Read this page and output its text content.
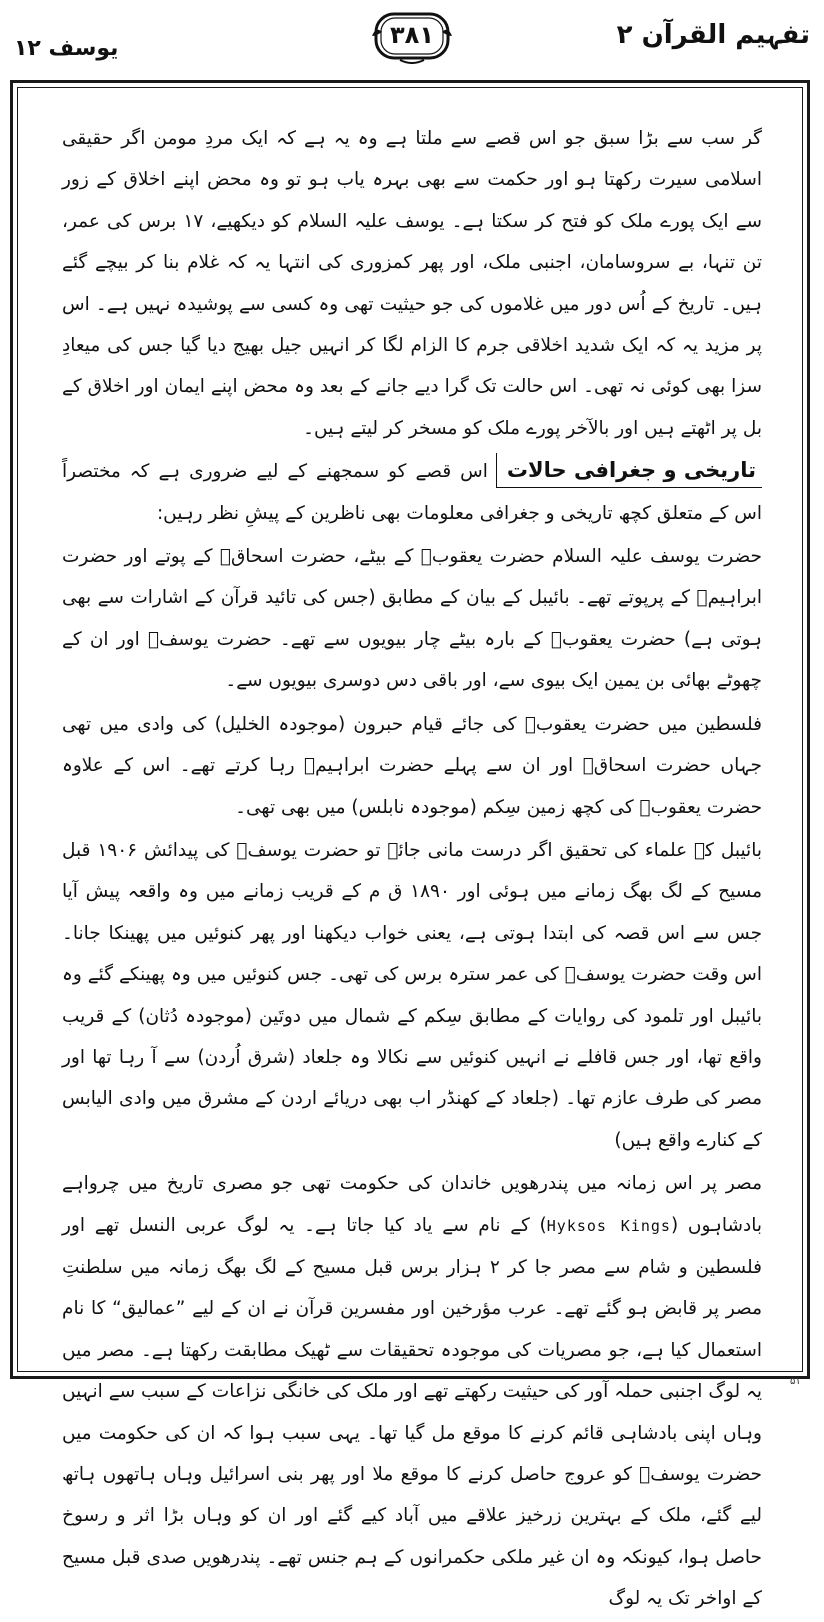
تفہیم القرآن ۲
۳۸۱
یوسف ۱۲

گر سب سے بڑا سبق جو اس قصے سے ملتا ہے وہ یہ ہے کہ ایک مردِ مومن اگر حقیقی اسلامی سیرت رکھتا ہو اور حکمت سے بھی بہرہ یاب ہو تو وہ محض اپنے اخلاق کے زور سے ایک پورے ملک کو فتح کر سکتا ہے۔ یوسف علیہ السلام کو دیکھیے، ۱۷ برس کی عمر، تن تنہا، بے سروسامان، اجنبی ملک، اور پھر کمزوری کی انتہا یہ کہ غلام بنا کر بیچے گئے ہیں۔ تاریخ کے اُس دور میں غلاموں کی جو حیثیت تھی وہ کسی سے پوشیدہ نہیں ہے۔ اس پر مزید یہ کہ ایک شدید اخلاقی جرم کا الزام لگا کر انہیں جیل بھیج دیا گیا جس کی میعادِ سزا بھی کوئی نہ تھی۔ اس حالت تک گرا دیے جانے کے بعد وہ محض اپنے ایمان اور اخلاق کے بل پر اٹھتے ہیں اور بالآخر پورے ملک کو مسخر کر لیتے ہیں۔

تاریخی و جغرافی حالاتاس قصے کو سمجھنے کے لیے ضروری ہے کہ مختصراً اس کے متعلق کچھ تاریخی و جغرافی معلومات بھی ناظرین کے پیشِ نظر رہیں:

حضرت یوسف علیہ السلام حضرت یعقوبؑ کے بیٹے، حضرت اسحاقؑ کے پوتے اور حضرت ابراہیمؑ کے پرپوتے تھے۔ بائیبل کے بیان کے مطابق (جس کی تائید قرآن کے اشارات سے بھی ہوتی ہے) حضرت یعقوبؑ کے بارہ بیٹے چار بیویوں سے تھے۔ حضرت یوسفؑ اور ان کے چھوٹے بھائی بن یمین ایک بیوی سے، اور باقی دس دوسری بیویوں سے۔

فلسطین میں حضرت یعقوبؑ کی جائے قیام حبرون (موجودہ الخلیل) کی وادی میں تھی جہاں حضرت اسحاقؑ اور ان سے پہلے حضرت ابراہیمؑ رہا کرتے تھے۔ اس کے علاوہ حضرت یعقوبؑ کی کچھ زمین سِکم (موجودہ نابلس) میں بھی تھی۔

بائیبل کے علماء کی تحقیق اگر درست مانی جائے تو حضرت یوسفؑ کی پیدائش ۱۹۰۶ قبل مسیح کے لگ بھگ زمانے میں ہوئی اور ۱۸۹۰ ق م کے قریب زمانے میں وہ واقعہ پیش آیا جس سے اس قصہ کی ابتدا ہوتی ہے، یعنی خواب دیکھنا اور پھر کنوئیں میں پھینکا جانا۔ اس وقت حضرت یوسفؑ کی عمر سترہ برس کی تھی۔ جس کنوئیں میں وہ پھینکے گئے وہ بائیبل اور تلمود کی روایات کے مطابق سِکم کے شمال میں دوتَین (موجودہ دُثان) کے قریب واقع تھا، اور جس قافلے نے انہیں کنوئیں سے نکالا وہ جلعاد (شرق اُردن) سے آ رہا تھا اور مصر کی طرف عازم تھا۔ (جلعاد کے کھنڈر اب بھی دریائے اردن کے مشرق میں وادی الیابس کے کنارے واقع ہیں)

مصر پر اس زمانہ میں پندرھویں خاندان کی حکومت تھی جو مصری تاریخ میں چرواہے بادشاہوں (Hyksos Kings) کے نام سے یاد کیا جاتا ہے۔ یہ لوگ عربی النسل تھے اور فلسطین و شام سے مصر جا کر ۲ ہزار برس قبل مسیح کے لگ بھگ زمانہ میں سلطنتِ مصر پر قابض ہو گئے تھے۔ عرب مؤرخین اور مفسرین قرآن نے ان کے لیے ”عمالیق“ کا نام استعمال کیا ہے، جو مصریات کی موجودہ تحقیقات سے ٹھیک مطابقت رکھتا ہے۔ مصر میں یہ لوگ اجنبی حملہ آور کی حیثیت رکھتے تھے اور ملک کی خانگی نزاعات کے سبب سے انہیں وہاں اپنی بادشاہی قائم کرنے کا موقع مل گیا تھا۔ یہی سبب ہوا کہ ان کی حکومت میں حضرت یوسفؑ کو عروج حاصل کرنے کا موقع ملا اور پھر بنی اسرائیل وہاں ہاتھوں ہاتھ لیے گئے، ملک کے بہترین زرخیز علاقے میں آباد کیے گئے اور ان کو وہاں بڑا اثر و رسوخ حاصل ہوا، کیونکہ وہ ان غیر ملکی حکمرانوں کے ہم جنس تھے۔ پندرھویں صدی قبل مسیح کے اواخر تک یہ لوگ

۵۱
